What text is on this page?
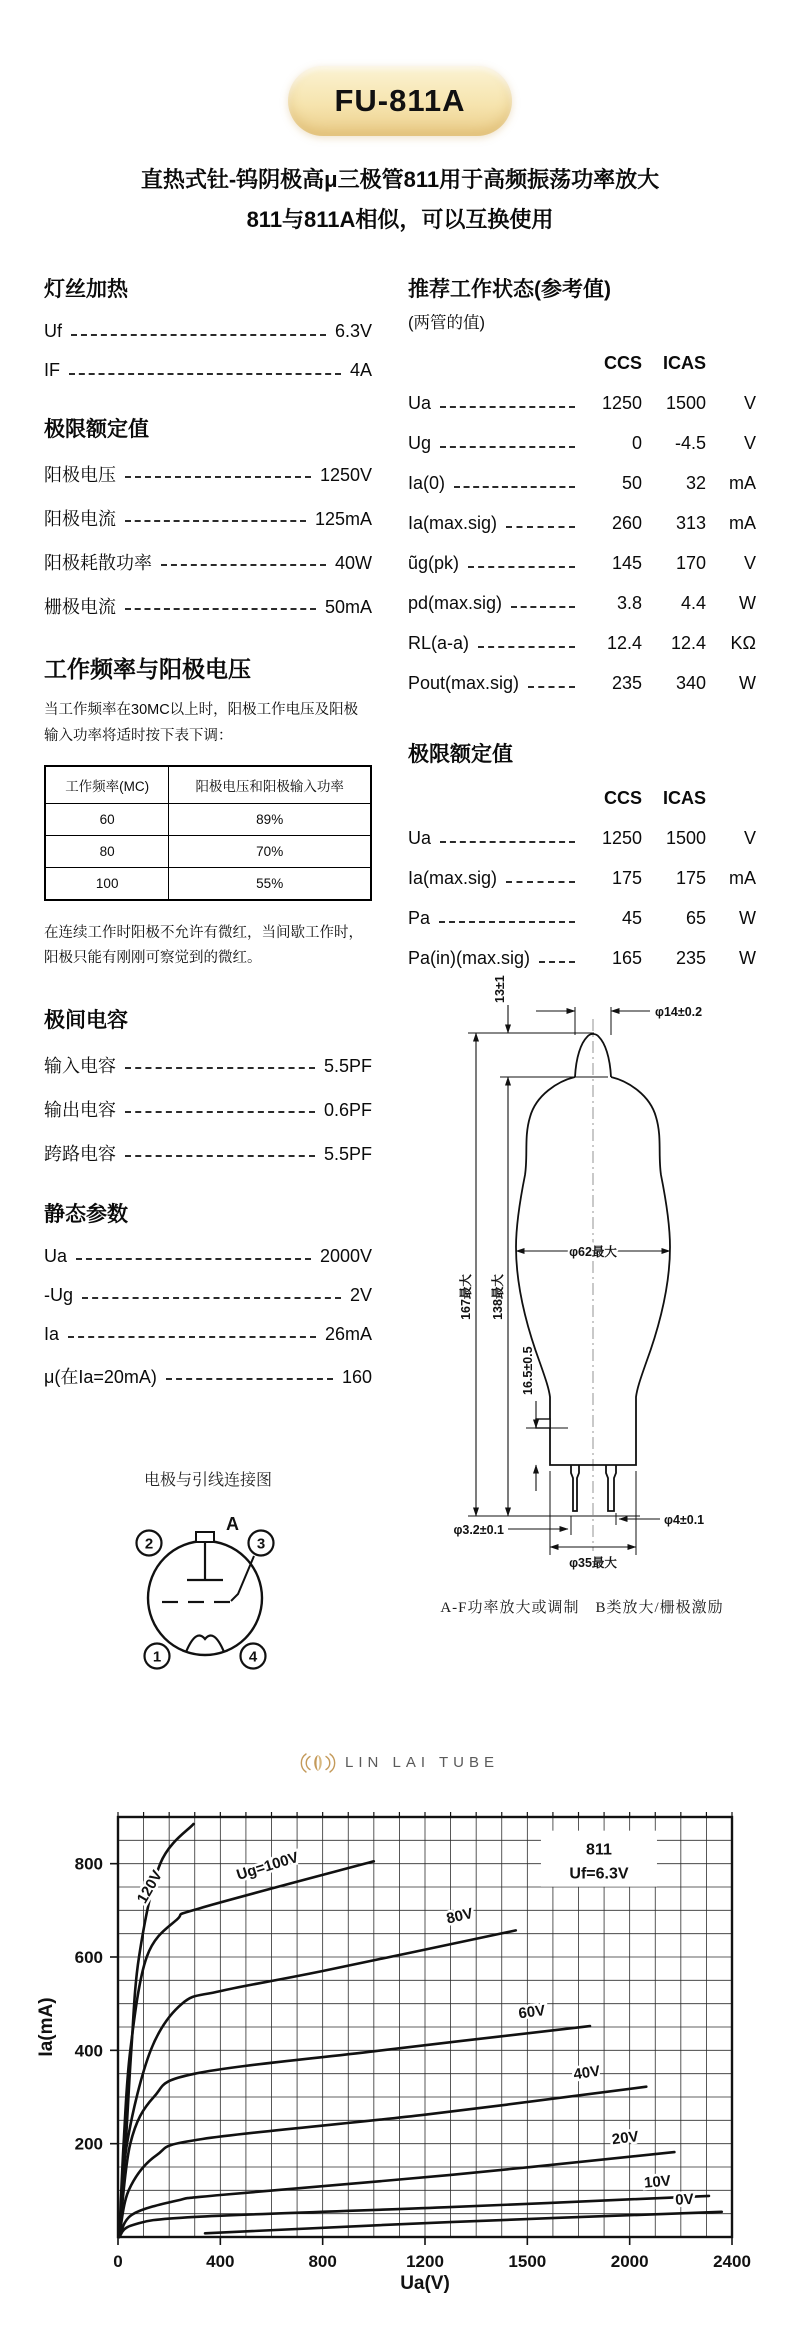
FU-811A
直热式钍-钨阴极高μ三极管811用于高频振荡功率放大
811与811A相似，可以互换使用
灯丝加热
Uf	6.3V
IF	4A
极限额定值
阳极电压	1250V
阳极电流	125mA
阳极耗散功率	40W
栅极电流	50mA
工作频率与阳极电压

当工作频率在30MC以上时，阳极工作电压及阳极输入功率将适时按下表下调：

工作频率(MC)	阳极电压和阳极输入功率
60	89%
80	70%
100	55%

在连续工作时阳极不允许有微红，当间歇工作时，阳极只能有刚刚可察觉到的微红。

极间电容
输入电容	5.5PF
输出电容	0.6PF
跨路电容	5.5PF
静态参数
Ua	2000V
-Ug	2V
Ia	26mA
μ(在Ia=20mA)	160
电极与引线连接图
A
2	3
1	4
推荐工作状态(参考值)
(两管的值)
CCS	ICAS
Ua	1250	1500	V
Ug	0	-4.5	V
Ia(0)	50	32	mA
Ia(max.sig)	260	313	mA
ũg(pk)	145	170	V
pd(max.sig)	3.8	4.4	W
RL(a-a)	12.4	12.4	KΩ
Pout(max.sig)	235	340	W
极限额定值
CCS	ICAS
Ua	1250	1500	V
Ia(max.sig)	175	175	mA
Pa	45	65	W
Pa(in)(max.sig)	165	235	W
φ14±0.2
13±1
167最大 138最大
φ62最大
16.5±0.5
φ3.2±0.1
φ4±0.1
φ35最大
A-F功率放大或调制　B类放大/栅极激励
LIN LAI TUBE
0	400	800	1200	1500	2000	2400
200
400
600
800
Ua(V)
Ia(mA)
811
Uf=6.3V
120V
Ug=100V
80V
60V
40V
20V
10V
0V
